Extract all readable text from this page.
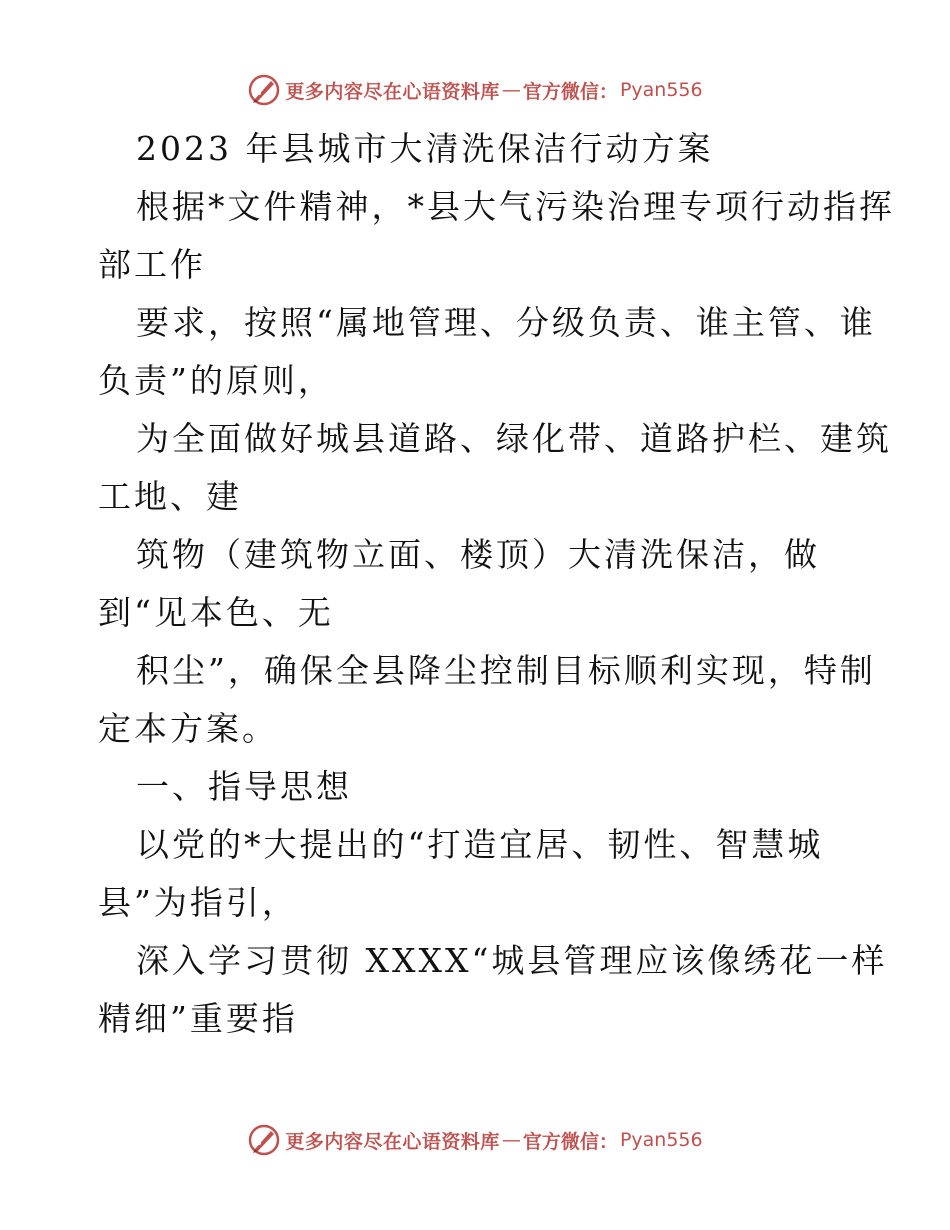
更多内容尽在心语资料库 — 官方微信： Pyan556
2023 年县城市大清洗保洁行动方案
根据*文件精神，*县大气污染治理专项行动指挥
部工作
要求，按照“属地管理、分级负责、谁主管、谁
负责”的原则，
为全面做好城县道路、绿化带、道路护栏、建筑
工地、建
筑物（建筑物立面、楼顶）大清洗保洁，做
到“见本色、无
积尘”，确保全县降尘控制目标顺利实现，特制
定本方案。
一、指导思想
以党的*大提出的“打造宜居、韧性、智慧城
县”为指引，
深入学习贯彻 XXXX“城县管理应该像绣花一样
精细”重要指
更多内容尽在心语资料库 — 官方微信： Pyan556
